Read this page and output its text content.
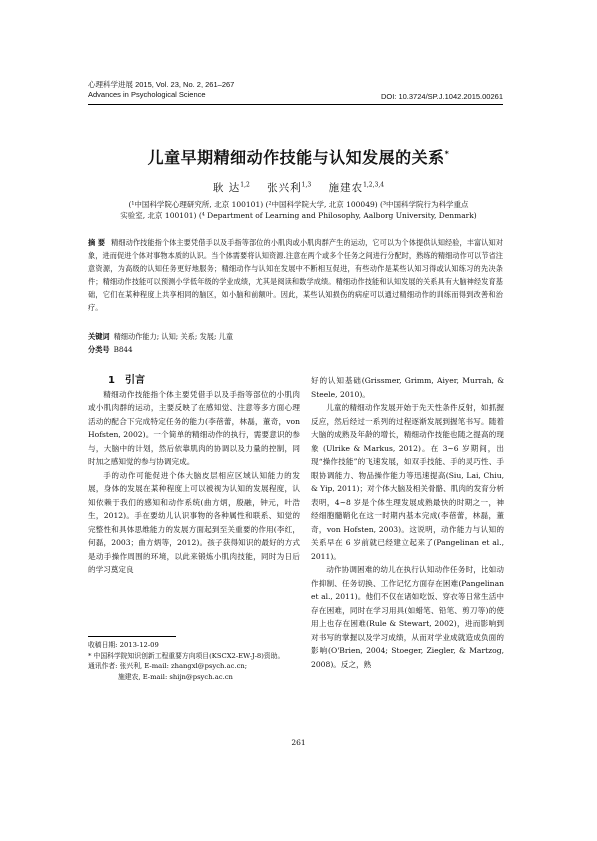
心理科学进展 2015, Vol. 23, No. 2, 261–267
Advances in Psychological Science	DOI: 10.3724/SP.J.1042.2015.00261
儿童早期精细动作技能与认知发展的关系*
耿 达$^{1,2}$ 张兴利$^{1,3}$ 施建农$^{1,2,3,4}$
(¹中国科学院心理研究所, 北京 100101) (²中国科学院大学, 北京 100049) (³中国科学院行为科学重点
实验室, 北京 100101) (⁴ Department of Learning and Philosophy, Aalborg University, Denmark)
摘 要 精细动作技能指个体主要凭借手以及手指等部位的小肌肉或小肌肉群产生的运动，它可以为个体提供认知经验，丰富认知对象，进而促进个体对事物本质的认识。当个体需要将认知资源.注意在两个或多个任务之间进行分配时，熟练的精细动作可以节省注意资源，为高级的认知任务更好地服务；精细动作与认知在发展中不断相互促进，有些动作是某些认知习得或认知练习的先决条件；精细动作技能可以预测小学低年级的学业成绩，尤其是阅读和数学成绩。精细动作技能和认知发展的关系具有大脑神经发育基础，它们在某种程度上共享相同的脑区，如小脑和前额叶。因此，某些认知损伤的病症可以通过精细动作的训练而得到改善和治疗。
关键词 精细动作能力; 认知; 关系; 发展; 儿童
分类号 B844

1 引言

精细动作技能指个体主要凭借手以及手指等部位的小肌肉或小肌肉群的运动，主要反映了在感知觉、注意等多方面心理活动的配合下完成特定任务的能力(李蓓蕾，林磊，董奇，von Hofsten, 2002)。一个简单的精细动作的执行，需要意识的参与，大脑中的计划，然后依靠肌肉的协调以及力量的控制，同时加之感知觉的参与协调完成。

手的动作可能促进个体大脑皮层相应区域认知能力的发展，身体的发展在某种程度上可以被视为认知的发展程度，认知依赖于我们的感知和动作系统(曲方炳，殷融，钟元，叶浩生，2012)。手在要幼儿认识事物的各种属性和联系、知觉的完整性和具体思维能力的发展方面起到至关重要的作用(李红，何磊，2003；曲方炳等，2012)。孩子获得知识的最好的方式是动手操作周围的环境，以此来锻炼小肌肉技能，同时为日后的学习奠定良

好的认知基础(Grissmer, Grimm, Aiyer, Murrah, & Steele, 2010)。

儿童的精细动作发展开始于先天性条件反射，如抓握反应，然后经过一系列的过程逐渐发展到握笔书写。随着大脑的成熟及年龄的增长，精细动作技能也随之提高的现象 (Ulrike & Markus, 2012)。在 3~6 岁期间，出现“操作技能”的飞速发展，如双手技能、手的灵巧性、手眼协调能力、物品操作能力等迅速提高(Siu, Lai, Chiu, & Yip, 2011)；对个体大脑及相关骨骼、肌肉的发育分析表明，4~8 岁是个体生理发展成熟最快的时期之一，神经细胞髓鞘化在这一时期内基本完成(李蓓蕾，林磊，董奇，von Hofsten, 2003)。这说明，动作能力与认知的关系早在 6 岁前就已经建立起来了(Pangelinan et al., 2011)。

动作协调困难的幼儿在执行认知动作任务时，比如动作抑制、任务切换、工作记忆方面存在困难(Pangelinan et al., 2011)。他们不仅在诸如吃饭、穿衣等日常生活中存在困难，同时在学习用具(如蜡笔、铅笔、剪刀等)的使用上也存在困难(Rule & Stewart, 2002)，进而影响到对书写的掌握以及学习成绩，从而对学业成就造成负面的影响(O'Brien, 2004; Stoeger, Ziegler, & Martzog, 2008)。反之，熟

收稿日期: 2013-12-09
* 中国科学院知识创新工程重要方向项目(KSCX2-EW-J-8)资助。
通讯作者: 张兴利, E-mail: zhangxl@psych.ac.cn;
施建农, E-mail: shijn@psych.ac.cn
261
